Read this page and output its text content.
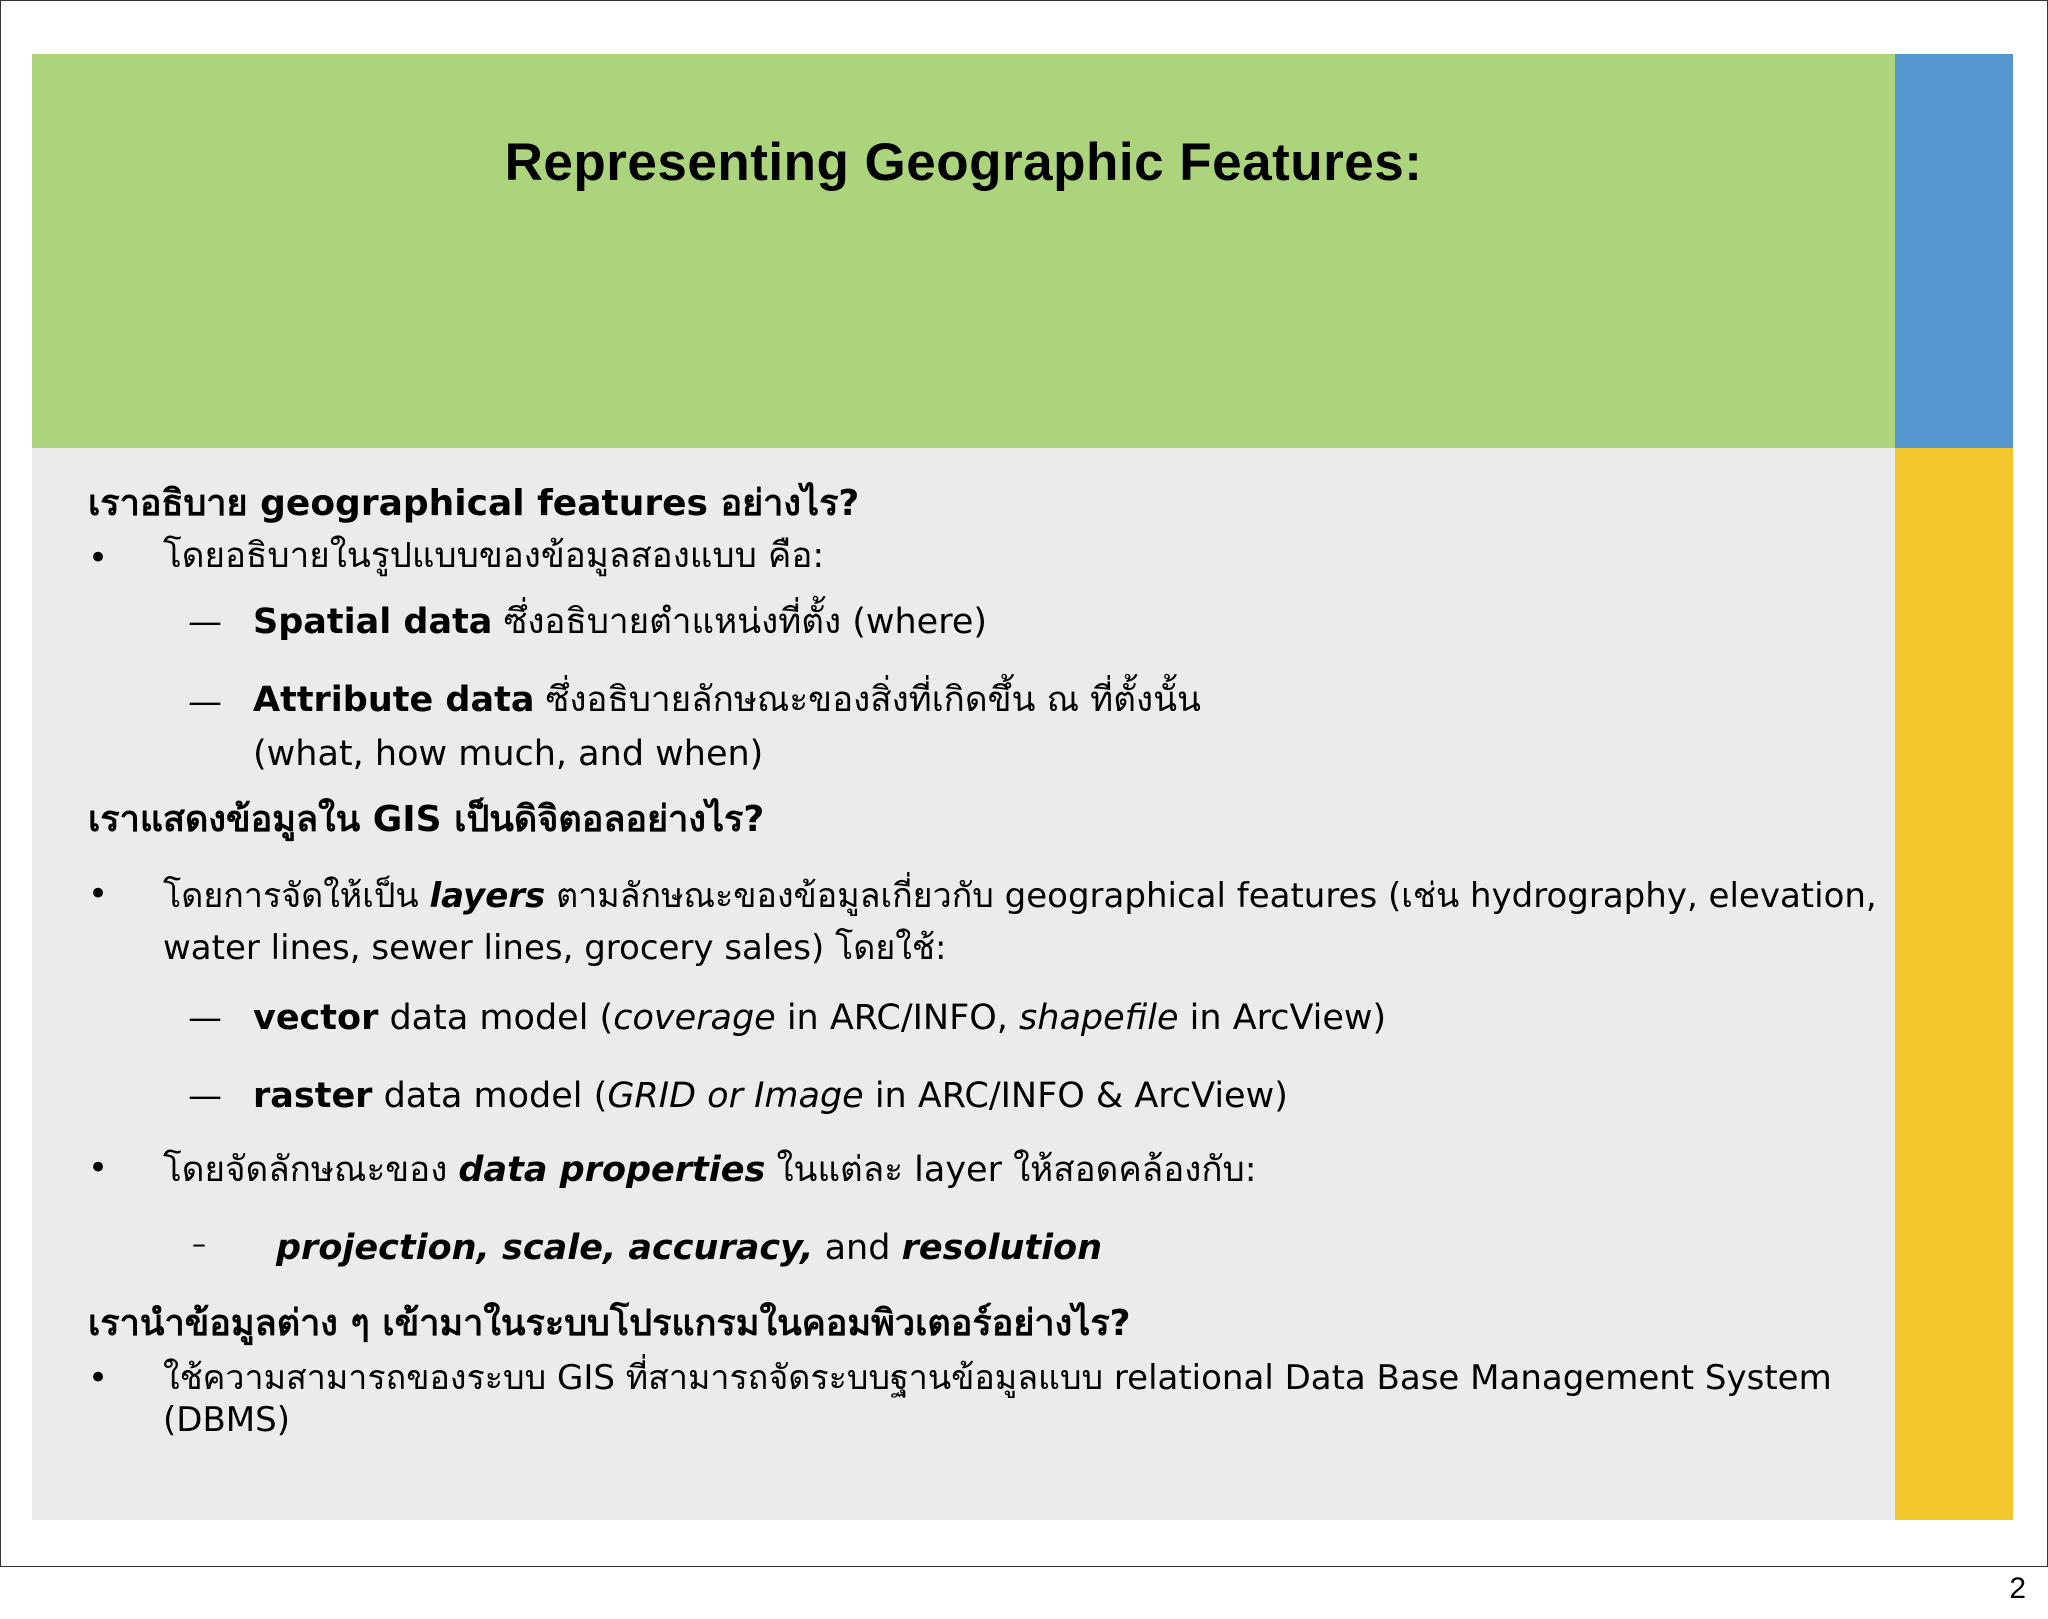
Representing Geographic Features:
เราอธิบาย geographical features อย่างไร?
• โดยอธิบายในรูปแบบของข้อมูลสองแบบ คือ:
— Spatial data ซึ่งอธิบายตำแหน่งที่ตั้ง (where)
— Attribute data ซึ่งอธิบายลักษณะของสิ่งที่เกิดขึ้น ณ ที่ตั้งนั้น
(what, how much, and when)
เราแสดงข้อมูลใน GIS เป็นดิจิตอลอย่างไร?
• โดยการจัดให้เป็น layers ตามลักษณะของข้อมูลเกี่ยวกับ geographical features (เช่น hydrography, elevation,
water lines, sewer lines, grocery sales) โดยใช้:
— vector data model (coverage in ARC/INFO, shapefile in ArcView)
— raster data model (GRID or Image in ARC/INFO & ArcView)
• โดยจัดลักษณะของ data properties ในแต่ละ layer ให้สอดคล้องกับ:
– projection, scale, accuracy, and resolution
เรานำข้อมูลต่าง ๆ เข้ามาในระบบโปรแกรมในคอมพิวเตอร์อย่างไร?
• ใช้ความสามารถของระบบ GIS ที่สามารถจัดระบบฐานข้อมูลแบบ relational Data Base Management System
(DBMS)
2
